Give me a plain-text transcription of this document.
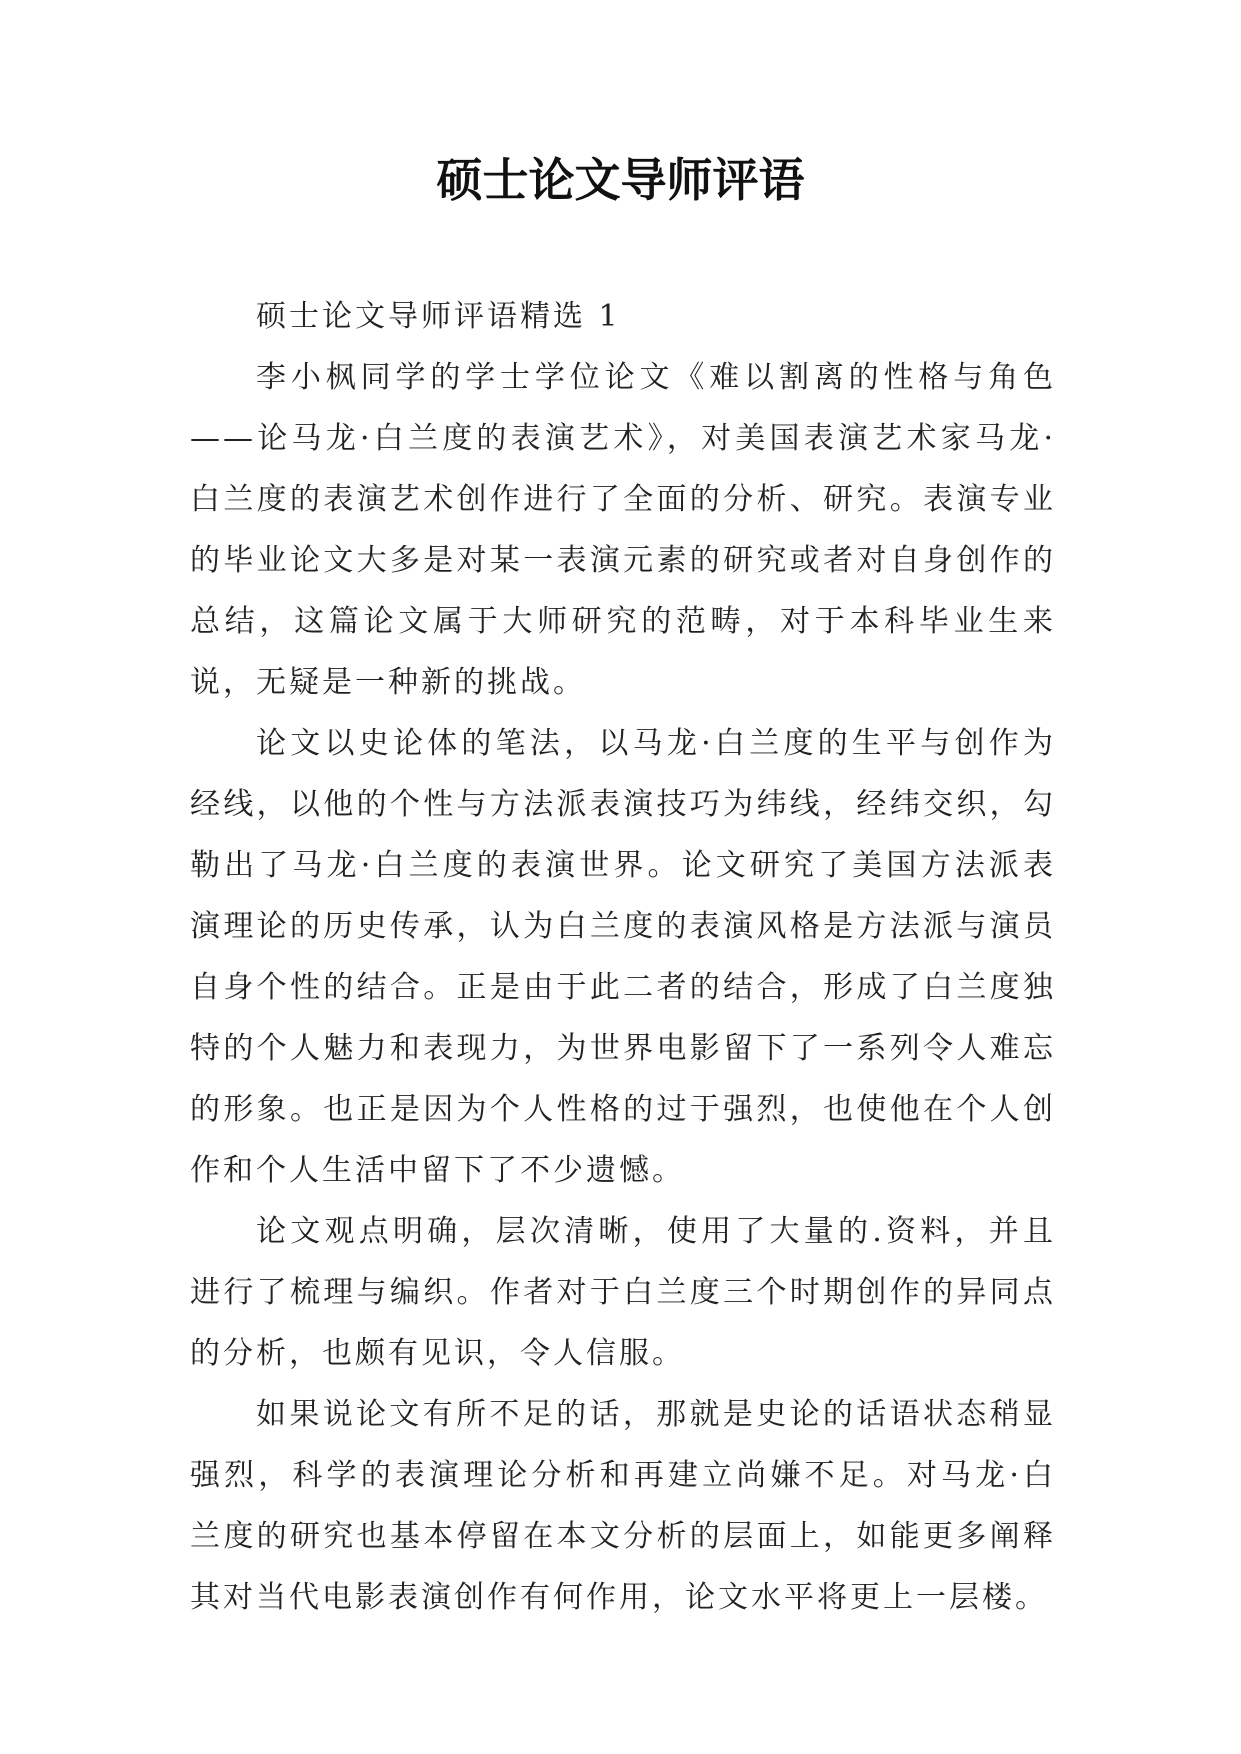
硕士论文导师评语

硕士论文导师评语精选 1

李小枫同学的学士学位论文《难以割离的性格与角色——论马龙·白兰度的表演艺术》，对美国表演艺术家马龙·白兰度的表演艺术创作进行了全面的分析、研究。表演专业的毕业论文大多是对某一表演元素的研究或者对自身创作的总结，这篇论文属于大师研究的范畴，对于本科毕业生来说，无疑是一种新的挑战。

论文以史论体的笔法，以马龙·白兰度的生平与创作为经线，以他的个性与方法派表演技巧为纬线，经纬交织，勾勒出了马龙·白兰度的表演世界。论文研究了美国方法派表演理论的历史传承，认为白兰度的表演风格是方法派与演员自身个性的结合。正是由于此二者的结合，形成了白兰度独特的个人魅力和表现力，为世界电影留下了一系列令人难忘的形象。也正是因为个人性格的过于强烈，也使他在个人创作和个人生活中留下了不少遗憾。

论文观点明确，层次清晰，使用了大量的.资料，并且进行了梳理与编织。作者对于白兰度三个时期创作的异同点的分析，也颇有见识，令人信服。

如果说论文有所不足的话，那就是史论的话语状态稍显强烈，科学的表演理论分析和再建立尚嫌不足。对马龙·白兰度的研究也基本停留在本文分析的层面上，如能更多阐释其对当代电影表演创作有何作用，论文水平将更上一层楼。
